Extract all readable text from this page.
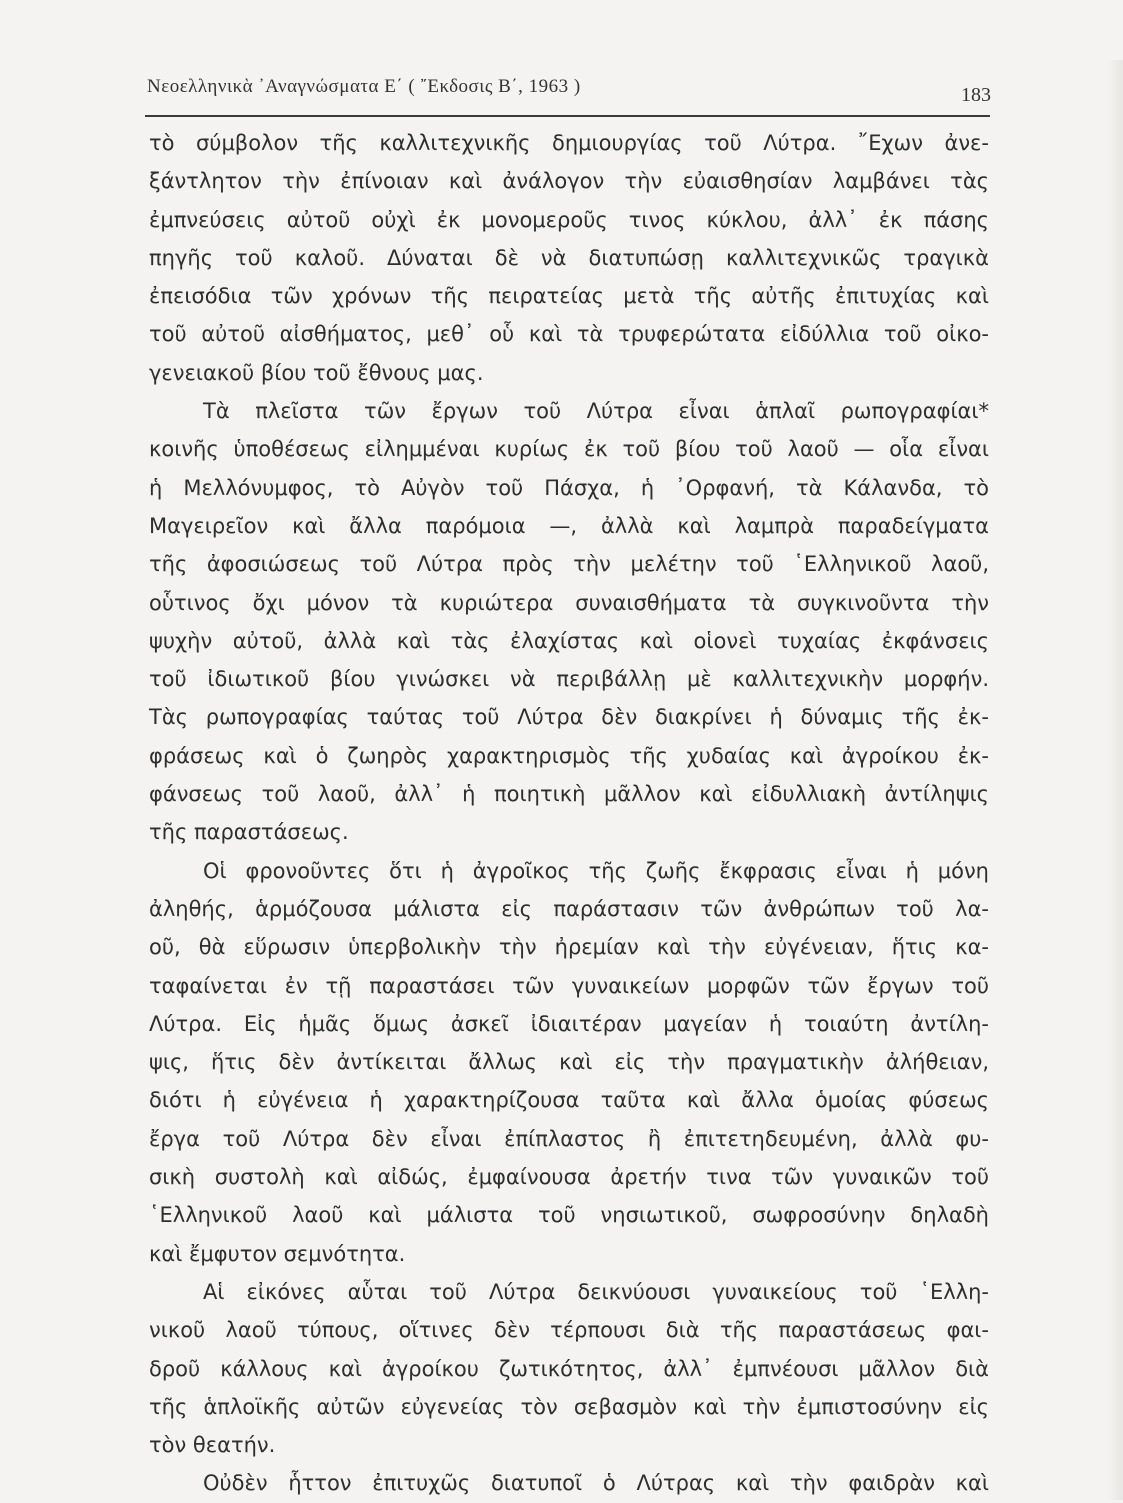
Νεοελληνικὰ ᾿Αναγνώσματα Ε΄ ( ῎Εκδοσις Β΄, 1963 )	183
τὸ σύμβολον τῆς καλλιτεχνικῆς δημιουργίας τοῦ Λύτρα. ῎Εχων ἀνε-
ξάντλητον τὴν ἐπίνοιαν καὶ ἀνάλογον τὴν εὐαισθησίαν λαμβάνει τὰς
ἐμπνεύσεις αὐτοῦ οὐχὶ ἐκ μονομεροῦς τινος κύκλου, ἀλλ᾿ ἐκ πάσης
πηγῆς τοῦ καλοῦ. Δύναται δὲ νὰ διατυπώσῃ καλλιτεχνικῶς τραγικὰ
ἐπεισόδια τῶν χρόνων τῆς πειρατείας μετὰ τῆς αὐτῆς ἐπιτυχίας καὶ
τοῦ αὐτοῦ αἰσθήματος, μεθ᾿ οὗ καὶ τὰ τρυφερώτατα εἰδύλλια τοῦ οἰκο-
γενειακοῦ βίου τοῦ ἔθνους μας.
Τὰ πλεῖστα τῶν ἔργων τοῦ Λύτρα εἶναι ἁπλαῖ ρωπογραφίαι*
κοινῆς ὑποθέσεως εἰλημμέναι κυρίως ἐκ τοῦ βίου τοῦ λαοῦ — οἷα εἶναι
ἡ Μελλόνυμφος, τὸ Αὐγὸν τοῦ Πάσχα, ἡ ᾿Ορφανή, τὰ Κάλανδα, τὸ
Μαγειρεῖον καὶ ἄλλα παρόμοια —, ἀλλὰ καὶ λαμπρὰ παραδείγματα
τῆς ἀφοσιώσεως τοῦ Λύτρα πρὸς τὴν μελέτην τοῦ ῾Ελληνικοῦ λαοῦ,
οὗτινος ὄχι μόνον τὰ κυριώτερα συναισθήματα τὰ συγκινοῦντα τὴν
ψυχὴν αὐτοῦ, ἀλλὰ καὶ τὰς ἐλαχίστας καὶ οἱονεὶ τυχαίας ἐκφάνσεις
τοῦ ἰδιωτικοῦ βίου γινώσκει νὰ περιβάλλῃ μὲ καλλιτεχνικὴν μορφήν.
Τὰς ρωπογραφίας ταύτας τοῦ Λύτρα δὲν διακρίνει ἡ δύναμις τῆς ἐκ-
φράσεως καὶ ὁ ζωηρὸς χαρακτηρισμὸς τῆς χυδαίας καὶ ἀγροίκου ἐκ-
φάνσεως τοῦ λαοῦ, ἀλλ᾿ ἡ ποιητικὴ μᾶλλον καὶ εἰδυλλιακὴ ἀντίληψις
τῆς παραστάσεως.
Οἱ φρονοῦντες ὅτι ἡ ἀγροῖκος τῆς ζωῆς ἔκφρασις εἶναι ἡ μόνη
ἀληθής, ἁρμόζουσα μάλιστα εἰς παράστασιν τῶν ἀνθρώπων τοῦ λα-
οῦ, θὰ εὕρωσιν ὑπερβολικὴν τὴν ἠρεμίαν καὶ τὴν εὐγένειαν, ἥτις κα-
ταφαίνεται ἐν τῇ παραστάσει τῶν γυναικείων μορφῶν τῶν ἔργων τοῦ
Λύτρα. Εἰς ἡμᾶς ὅμως ἀσκεῖ ἰδιαιτέραν μαγείαν ἡ τοιαύτη ἀντίλη-
ψις, ἥτις δὲν ἀντίκειται ἄλλως καὶ εἰς τὴν πραγματικὴν ἀλήθειαν,
διότι ἡ εὐγένεια ἡ χαρακτηρίζουσα ταῦτα καὶ ἄλλα ὁμοίας φύσεως
ἔργα τοῦ Λύτρα δὲν εἶναι ἐπίπλαστος ἢ ἐπιτετηδευμένη, ἀλλὰ φυ-
σικὴ συστολὴ καὶ αἰδώς, ἐμφαίνουσα ἀρετήν τινα τῶν γυναικῶν τοῦ
῾Ελληνικοῦ λαοῦ καὶ μάλιστα τοῦ νησιωτικοῦ, σωφροσύνην δηλαδὴ
καὶ ἔμφυτον σεμνότητα.
Αἱ εἰκόνες αὗται τοῦ Λύτρα δεικνύουσι γυναικείους τοῦ ῾Ελλη-
νικοῦ λαοῦ τύπους, οἵτινες δὲν τέρπουσι διὰ τῆς παραστάσεως φαι-
δροῦ κάλλους καὶ ἀγροίκου ζωτικότητος, ἀλλ᾿ ἐμπνέουσι μᾶλλον διὰ
τῆς ἁπλοϊκῆς αὐτῶν εὐγενείας τὸν σεβασμὸν καὶ τὴν ἐμπιστοσύνην εἰς
τὸν θεατήν.
Οὐδὲν ἧττον ἐπιτυχῶς διατυποῖ ὁ Λύτρας καὶ τὴν φαιδρὰν καὶ
